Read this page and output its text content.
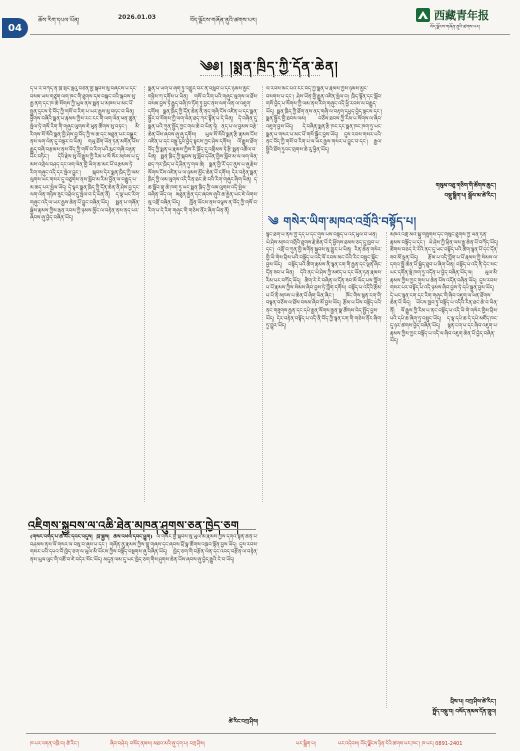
04
ཆོས་རིག་དཔལ་ཡོན།	2026.01.03	བོད་ལྗོངས་གཞོན་ནུའི་ཚགས་པར།	西藏青年报
བོད་ལྗོངས་གཞོན་ནུའི་ཚགས་པར།
༄༅། །སྨན་ཁྲིད་ཀྱི་དོན་ཆེན།

ད་པེ་རེ་བཀོད་ན་ཁྲི་སྲོང་ལྡེའུ་བཙན་གྱི་སྐབས་སུ་བཞེངས་པ་དང་བསམ་ཡས་གཙུག་ལག་ཁང་གི་ཐུགས་དམ་བསྐང་བའི་སྐབས་སུ་རྒྱ་ནག་དང་ཁ་ཆེ་སོགས་ཀྱི་ཡུལ་ནས་སྨན་པ་མཁས་པ་མང་པོ་སྤྱན་དྲངས་ཏེ་བོད་ཀྱི་གསོ་བ་རིག་པ་ཡར་རྒྱས་སུ་བཏང་བ་ཡིན། ཕྱོགས་བཞིའི་སྨན་པ་རྣམས་ཀྱིས་རང་རང་གི་ལག་ལེན་ཕན་ཚུན་སྤེལ་ཏེ་གསོ་རིག་གི་གཞུང་ལུགས་ཇེ་ཕུན་ཚོགས་སུ་བཏང་། མི་རིགས་སོ་སོའི་སྨན་གྱི་ཤེས་བྱ་བོད་ཀྱི་ས་ཆ་དང་མཐུན་པར་བསྒྱུར་ནས་ལག་ལེན་དུ་བསྟར་བ་ཡིན། གཡུ་ཐོག་ཡོན་ཏན་མགོན་པོས་རྒྱུད་བཞི་བརྩམས་ནས་བོད་ཀྱི་གསོ་བ་རིག་པའི་རྨང་གཞི་བརྟན་པོར་བཏིང་། དེའི་རྗེས་སུ་ལོ་རྒྱུས་ཀྱི་རིམ་པ་སོ་སོར་མཁས་པ་དུ་མས་འགྲེལ་བཤད་དང་ལག་ལེན་གྱི་ཡིག་ཆ་མང་པོ་བརྩམས་ཏེ་རིག་གཞུང་འདི་དར་སྤེལ་བྱུང་། སྐབས་དེར་སྨན་ཁྲིད་ཀྱི་ལམ་ལུགས་ཡང་གསར་དུ་བཙུགས་ནས་སློབ་མ་རིམ་བྱོན་ལ་བརྒྱུད་པ་མ་ཆད་པར་སྤེལ་ཡོད། དེ་ལྟར་སྨན་ཁྲིད་ཀྱི་དོན་ཆེན་ནི་ཤེས་བྱ་དང་ལག་ལེན་གཉིས་ཟུང་འབྲེལ་དུ་སྤེལ་བ་དེ་ཡིན་ནོ། ད་ལྟ་ཡང་རིག་གཞུང་འདི་ལ་ཡར་རྒྱས་ཆེན་པོ་བྱུང་བཞིན་ཡོད། སྨན་པ་གཞོན་སྐྱེས་རྣམས་ཀྱིས་རྒན་རབས་ཀྱི་ཉམས་མྱོང་ལ་བརྟེན་ནས་ནད་པར་ཞབས་ཞུ་བྱེད་བཞིན་ཡོད།

སྨན་པ་ཡག་པོ་ཞིག་ཏུ་འགྱུར་བར་ནི་བསླབ་པ་དང་ཉམས་མྱོང་གཉིས་ཀ་དགོས་པ་ཡིན། གསོ་བ་རིག་པའི་གཞུང་ལུགས་ལ་ཐོས་བསམ་བྱས་ཏེ་རྒྱུད་བཞི་ཁ་ཏོག་ཏུ་བྱང་ནས་ལག་ལེན་ལ་འཇུག་དགོས། སྨན་ཁྲིད་ཀྱི་དོན་ཆེན་ནི་ནད་གཞི་ངོས་འཛིན་པ་དང་སྨན་སྦྱོར་བ་སོགས་ཀྱི་ལག་ལེན་ཐད་ཀར་སྟོན་པ་དེ་ཡིན། དེ་བཞིན་དུ་སྨན་པའི་ཀུན་སྤྱོད་ཀྱང་གལ་ཆེ་བ་ཡིན་ཏེ། ནད་པ་ལ་བྱམས་བརྩེ་ཆེན་པོས་ཞབས་ཞུ་ཞུ་དགོས། ཡུལ་སོ་སོའི་སྨན་རྩི་རྣམས་ངོས་འཛིན་པ་དང་བསྡུ་རུབ་བྱེད་སྟངས་ཀྱང་ཤེས་དགོས། ལོ་རྒྱུས་ཐོག་བོད་ཀྱི་སྨན་པ་རྣམས་ཀྱིས་རི་ཁྲོད་དུ་འགྲིམས་ཏེ་རྩི་སྨན་འཚོལ་བ་ཡིན། སྨན་ཁྲིད་ཀྱི་སྐབས་སུ་སློབ་དཔོན་གྱིས་སློབ་མ་ལ་ལག་ལེན་ཐད་ཀར་ཁྲིད་པ་དེ་ཤིན་ཏུ་གལ་ཆེ། སྨན་གྱི་རོ་དང་ནུས་པ་ཞུ་རྗེས་སོགས་ངོས་འཛིན་པ་ལ་ཉམས་མྱོང་ཆེན་པོ་དགོས། དེར་བརྟེན་སྨན་ཁྲིད་ཀྱི་ལམ་ལུགས་འདི་རིན་ཐང་ཆེ་བའི་རིག་གཞུང་ཞིག་ཡིན། ད་ཆ་སློབ་གྲྭ་ཆེ་ཁག་ཏུ་ཡང་སྨན་ཁྲིད་ཀྱི་ལམ་ལུགས་འདི་སྤེལ་བཞིན་ཡོད་ལ། མཐུན་རྐྱེན་དང་ཞབས་ཞུའི་ཆ་རྐྱེན་ཡང་ཇེ་ལེགས་སུ་འགྲོ་བཞིན་ཡོད། ཁྱོན་ཡོངས་ནས་བལྟས་ན་བོད་ཀྱི་གསོ་བ་རིག་པ་དེ་རིག་གཞུང་གི་གཅེས་ནོར་ཞིག་ཡིན་ནོ།

ལོ་རབས་མང་པོའི་རིང་བོད་ཀྱི་སྨན་པ་རྣམས་ཀྱིས་ཉམས་མྱོང་བསགས་པ་དང་། ཤེས་ཡོན་གྱི་རྒྱུན་འཛིན་སྤེལ་བ། ཁྲིད་སྟོན་དང་སློབ་གསོ་བྱེད་པ་སོགས་ཀྱི་ལམ་ནས་རིག་གཞུང་འདི་ཕྱི་རབས་ལ་བརྒྱུད་ཡོད། སྨན་ཁྲིད་ཀྱི་ཐོག་ནས་ནད་གཞི་ལ་བརྟག་དཔྱད་བྱེད་སྟངས་དང་། སྨན་སྦྱོར་གྱི་ཐབས་ལམ། བཅོས་ཐབས་ཀྱི་རིམ་པ་སོགས་ལ་ཞིབ་འཇུག་བྱས་ཡོད། དེ་བཞིན་སྨན་རྩི་ཁང་དང་སྨན་ཁང་ཁག་ཏུ་ཡང་སྨན་པ་གསར་པ་མང་པོ་གསོ་སྐྱོང་བྱས་ཡོད། དུས་རབས་གསར་པའི་ནང་བོད་ཀྱི་གསོ་བ་རིག་པ་ལ་ཡར་རྒྱས་གསར་པ་བྱུང་བ་དང་། རྒྱལ་སྤྱིའི་ཐོག་ཏུའང་གྲགས་ཆེ་རུ་ཕྱིན་ཡོད།

གསུམ་བཅུ་གཅིག་གི་ཚོགས་ཆུང་།
བསྡུ་སྒྲིག་པ། སྒྲོལ་མ་ཚེ་རིང་།
༄ གསེར་ཡིག་མཁའ་འགྲོའི་བསྟོད་པ།

སྙིང་ཐག་པ་ནས་ཀྱི་དད་པ་དང་གུས་པས་བསྟོད་པ་འདི་ཕུལ་བ་ཡིན། ཡེ་ཤེས་མཁའ་འགྲོའི་ཐུགས་རྗེ་ཆེན་པོ་དེ་ཕྱོགས་ཐམས་ཅད་དུ་ཁྱབ་པ་དང་། འགྲོ་བ་ཀུན་གྱི་མགོན་སྐྱབས་སུ་གྱུར་པ་ཡིན། རིན་ཆེན་གསེར་གྱི་ཡི་གེས་བྲིས་པའི་བསྟོད་པ་འདི་ལོ་རབས་མང་པོའི་རིང་བསྲུང་སྐྱོང་བྱས་ཡོད། བསྟོད་པའི་ཚིག་རྣམས་ནི་སྙན་ངག་གི་རྒྱན་དང་ལྡན་ཞིང་དོན་ཟབ་པ་ཡིན། དེའི་ནང་ཡེ་ཤེས་ཀྱི་མཛད་པ་དང་ཡོན་ཏན་རྣམས་རིམ་པར་བཀོད་ཡོད། ཚིག་རེ་རེ་བཞིན་ལ་དོན་ཟབ་མོ་ཡོད་པས་ཀློག་པ་པོ་རྣམས་ཀྱིས་སེམས་ཞིབ་བྱས་ཏེ་ཀློག་དགོས། བསྟོད་པ་འདིའི་རྩོམ་པ་པོ་ནི་མཁས་པ་ཆེན་པོ་ཞིག་ཡིན་ཞིང་། ཁོང་གིས་སྙན་ངག་གི་བསྟན་བཅོས་ལ་ཐོས་བསམ་ཞིབ་མོ་བྱས་ཡོད། རྩོམ་པ་པོས་བསྟོད་པའི་ནང་གཟུགས་རྒྱན་དང་དཔེ་རྒྱན་སོགས་རྒྱན་སྣ་ཚོགས་བེད་སྤྱོད་བྱས་ཡོད། དེར་བརྟེན་བསྟོད་པ་འདི་ནི་བོད་ཀྱི་སྙན་ངག་གི་གཅེས་ནོར་ཞིག་ཏུ་གྱུར་ཡོད།

མཁའ་འགྲོ་མའི་སྐུ་གཟུགས་དང་གསུང་ཐུགས་ཀྱི་ཡོན་ཏན་རྣམས་བསྟོད་པ་དང་། ཡེ་ཤེས་ཀྱི་ཕྲིན་ལས་རྒྱ་ཆེན་པོ་བཀོད་ཡོད། ཚིགས་བཅད་རེ་རེའི་ནང་དུ་ཡང་བསྟོད་པའི་ཚིག་སྙན་པོ་དང་དོན་ཟབ་མོ་ལྡན་ཡོད། རྩོམ་པ་འདི་ཀློག་པ་པོ་རྣམས་ཀྱི་སེམས་ལ་དགའ་སྤྲོ་ཆེན་པོ་སྐྱེད་ཐུབ་པ་ཞིག་ཡིན། བསྟོད་པ་འདི་ནི་དེང་སང་ཡང་དགོན་སྡེ་ཁག་ཏུ་འདོན་པ་བྱེད་བཞིན་ཡོད་ལ། ཡུལ་མི་རྣམས་ཀྱིས་ཀྱང་གུས་པ་ཆེན་པོས་འདོན་བཞིན་ཡོད། དུས་རབས་གསར་པར་བསྟོད་པ་འདི་ཉམས་ཞིབ་བྱས་ཏེ་དཔེ་སྐྲུན་བྱས་ཡོད། དེ་ཡང་སྙན་ངག་དང་རིག་གཞུང་གི་ཞིབ་འཇུག་ལ་ཕན་ཐོགས་ཆེན་པོ་ཡོད། ཡོངས་ཁྱབ་ཏུ་བསྟོད་པ་འདིའི་རིན་ཐང་ཆེ་བ་ཡིན་ནོ། ལོ་རྒྱུས་ཀྱི་རིམ་པ་ནང་བསྟོད་པ་འདི་ཡི་གེ་གསེར་གྱིས་བྲིས་པའི་དཔེ་ཆ་ཞིག་ཏུ་བསྲུང་ཡོད། ད་ལྟ་དཔེ་ཆ་དེ་དཔེ་མཛོད་ཁང་དུ་ཉར་ཚགས་བྱེད་བཞིན་ཡོད། སྙན་ངག་པ་དང་ཞིབ་འཇུག་པ་རྣམས་ཀྱིས་ཀྱང་བསྟོད་པ་འདི་ལ་ཞིབ་འཇུག་ཆེན་པོ་བྱེད་བཞིན་ཡོད།

བྲིས་པ། བཀྲ་ཤིས་ཚེ་རིང་།
སྤྲོད་བསྡུ་བ། བསོད་ནམས་དོན་གྲུབ།
འཇིགས་སྐྱབས་ལ་འཆི་ཐེན་མཁན་ཤུགས་ཅན་ཁྱེད་ཅག

(གསར་འགོད་པ་ཚེ་རིང་དབང་འདུས། ཁྲི་སྐྱེས། ཆོས་འཕེལ་དབང་ཕྱུག) ལོ་གསར་གྱི་སྐབས་སུ་ཡུལ་མི་རྣམས་ཀྱིས་དགའ་སྟོན་ཆེན་པོ་བཤམས་ནས་ལོ་གསར་ལ་བསུ་བ་ཞུས་པ་དང་། གཞོན་ནུ་རྣམས་ཀྱིས་གླུ་གཞས་དང་ཞབས་བྲོ་སྣ་ཚོགས་འཁྲབ་སྟོན་བྱས་ཡོད། དུས་རབས་གསར་པའི་དཔའ་བོ་ཁྱེད་ཅག་ལ་ཡུལ་མི་ཡོངས་ཀྱིས་བསྟོད་བསྔགས་ཞུ་བཞིན་ཡོད། ཁྱེད་ཅག་གི་བརྩོན་ལེན་དང་འབད་བརྩོན་ལ་བརྟེན་ནས་ཡུལ་ལུང་གི་འཚོ་བ་ཇེ་བདེར་སོང་ཡོད། མདུན་ལམ་དུ་ཡང་ཁྱེད་ཅག་གིས་ཤུགས་ཆེན་པོས་ཞབས་ཞུ་བྱེད་རྒྱུའི་རེ་བ་ཡོད།

ཚེ་རིང་བཀྲ་ཤིས།
ཁ་པར་འགན་འཁྲི་བ། ཚེ་རིང་།	ཞིབ་བཤེར། བསོད་ནམས། མཐའ་མའི་ཞུ་དག་པ། བཀྲ་ཤིས།	པར་སྒྲིག་པ།	པར་འདེབས། བོད་ལྗོངས་ཉིན་རེའི་ཚགས་པར་ཁང་། ཁ་པར། 0891-2401
